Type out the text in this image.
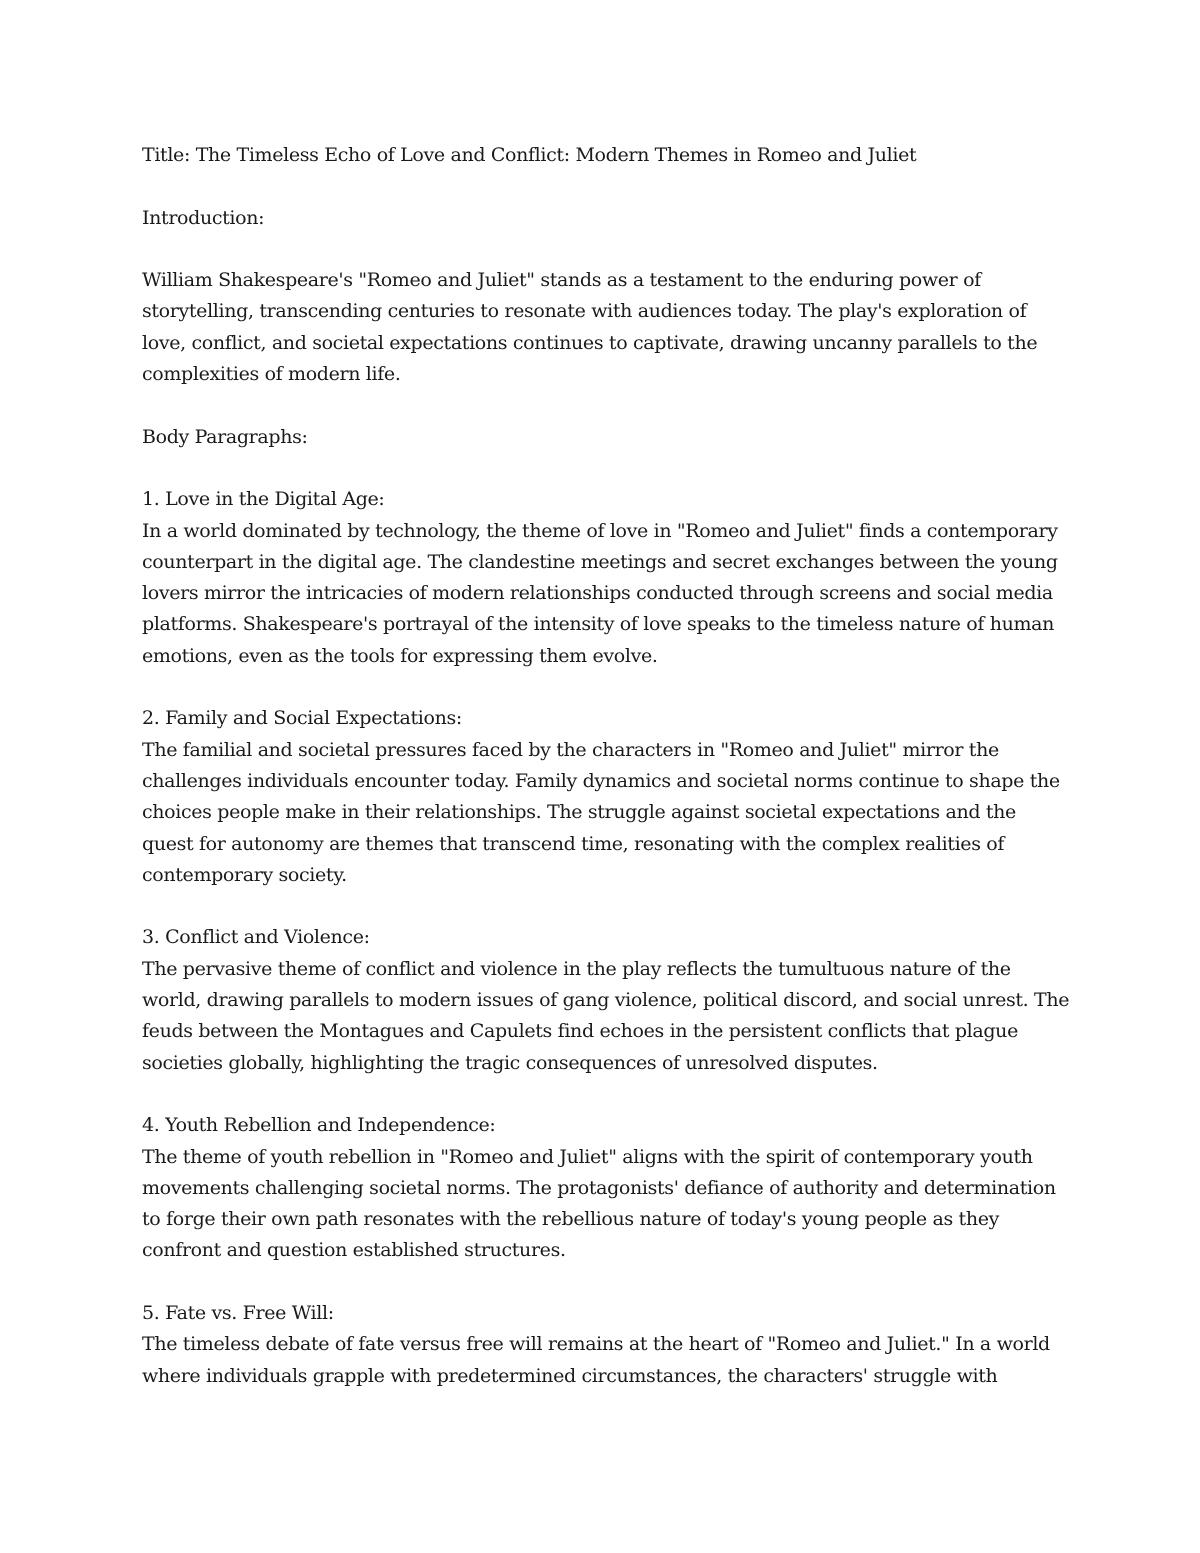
Title: The Timeless Echo of Love and Conflict: Modern Themes in Romeo and Juliet

Introduction:

William Shakespeare's "Romeo and Juliet" stands as a testament to the enduring power of storytelling, transcending centuries to resonate with audiences today. The play's exploration of love, conflict, and societal expectations continues to captivate, drawing uncanny parallels to the complexities of modern life.

Body Paragraphs:

1. Love in the Digital Age:
In a world dominated by technology, the theme of love in "Romeo and Juliet" finds a contemporary counterpart in the digital age. The clandestine meetings and secret exchanges between the young lovers mirror the intricacies of modern relationships conducted through screens and social media platforms. Shakespeare's portrayal of the intensity of love speaks to the timeless nature of human emotions, even as the tools for expressing them evolve.

2. Family and Social Expectations:
The familial and societal pressures faced by the characters in "Romeo and Juliet" mirror the challenges individuals encounter today. Family dynamics and societal norms continue to shape the choices people make in their relationships. The struggle against societal expectations and the quest for autonomy are themes that transcend time, resonating with the complex realities of contemporary society.

3. Conflict and Violence:
The pervasive theme of conflict and violence in the play reflects the tumultuous nature of the world, drawing parallels to modern issues of gang violence, political discord, and social unrest. The feuds between the Montagues and Capulets find echoes in the persistent conflicts that plague societies globally, highlighting the tragic consequences of unresolved disputes.

4. Youth Rebellion and Independence:
The theme of youth rebellion in "Romeo and Juliet" aligns with the spirit of contemporary youth movements challenging societal norms. The protagonists' defiance of authority and determination to forge their own path resonates with the rebellious nature of today's young people as they confront and question established structures.

5. Fate vs. Free Will:
The timeless debate of fate versus free will remains at the heart of "Romeo and Juliet." In a world where individuals grapple with predetermined circumstances, the characters' struggle with
